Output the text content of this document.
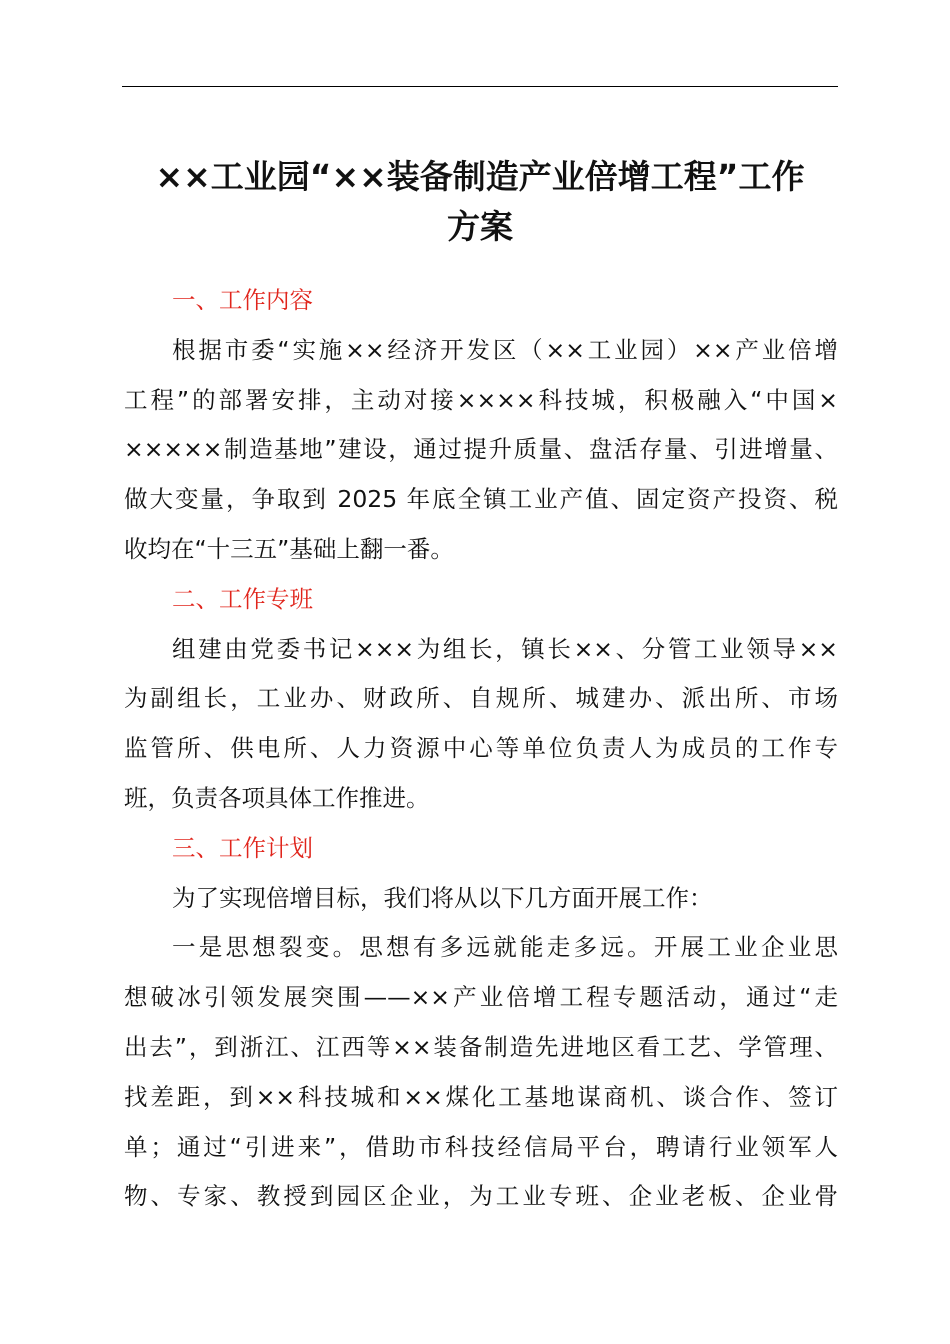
××工业园“××装备制造产业倍增工程”工作
方案
一、工作内容

根据市委“实施××经济开发区（××工业园）××产业倍增
工程”的部署安排，主动对接××××科技城，积极融入“中国×
×××××制造基地”建设，通过提升质量、盘活存量、引进增量、
做大变量，争取到 2025 年底全镇工业产值、固定资产投资、税
收均在“十三五”基础上翻一番。

二、工作专班

组建由党委书记×××为组长，镇长××、分管工业领导××
为副组长，工业办、财政所、自规所、城建办、派出所、市场
监管所、供电所、人力资源中心等单位负责人为成员的工作专
班，负责各项具体工作推进。

三、工作计划

为了实现倍增目标，我们将从以下几方面开展工作：

一是思想裂变。思想有多远就能走多远。开展工业企业思
想破冰引领发展突围——××产业倍增工程专题活动，通过“走
出去”，到浙江、江西等××装备制造先进地区看工艺、学管理、
找差距，到××科技城和××煤化工基地谋商机、谈合作、签订
单；通过“引进来”，借助市科技经信局平台，聘请行业领军人
物、专家、教授到园区企业，为工业专班、企业老板、企业骨
